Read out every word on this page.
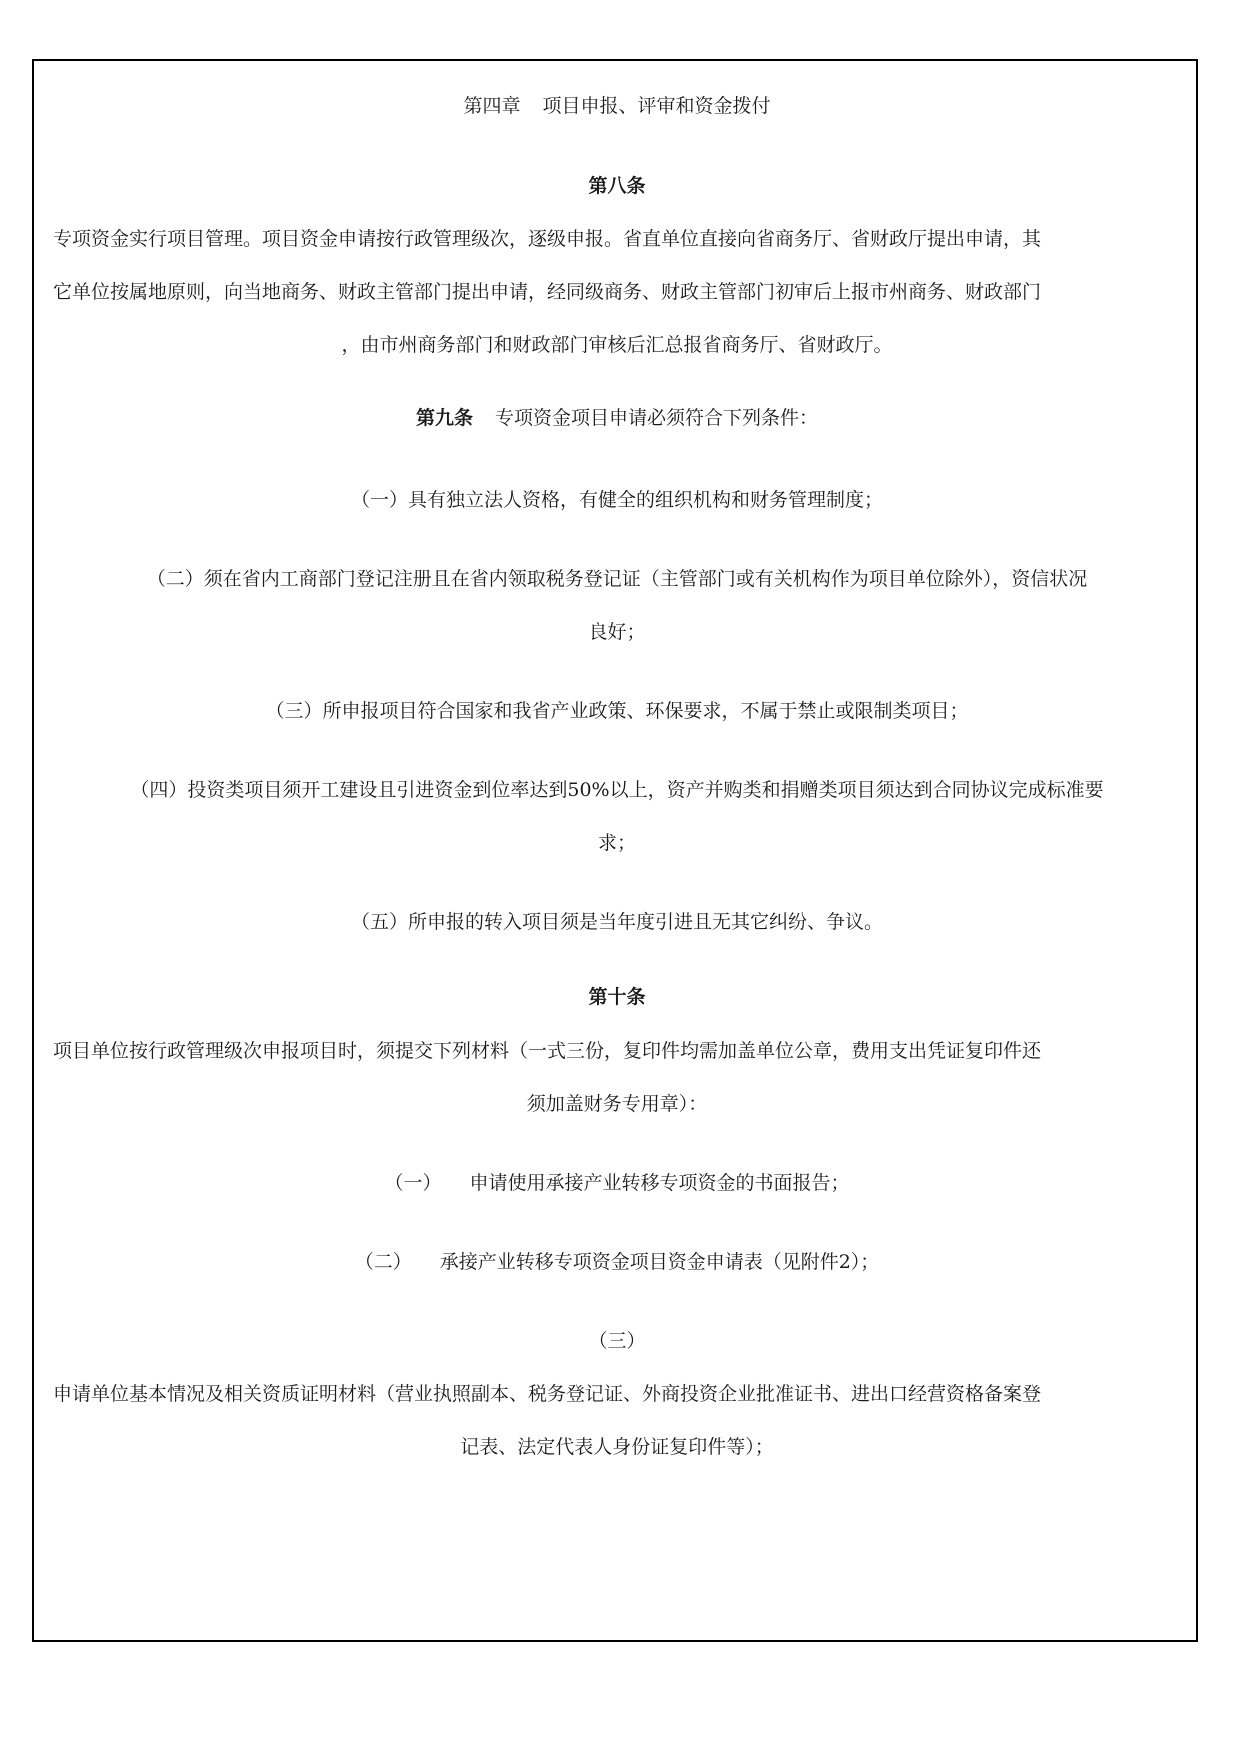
第四章 项目申报、评审和资金拨付

第八条

专项资金实行项目管理。项目资金申请按行政管理级次，逐级申报。省直单位直接向省商务厅、省财政厅提出申请，其

它单位按属地原则，向当地商务、财政主管部门提出申请，经同级商务、财政主管部门初审后上报市州商务、财政部门

，由市州商务部门和财政部门审核后汇总报省商务厅、省财政厅。

第九条 专项资金项目申请必须符合下列条件：

（一）具有独立法人资格，有健全的组织机构和财务管理制度；

（二）须在省内工商部门登记注册且在省内领取税务登记证（主管部门或有关机构作为项目单位除外），资信状况

良好；

（三）所申报项目符合国家和我省产业政策、环保要求，不属于禁止或限制类项目；

（四）投资类项目须开工建设且引进资金到位率达到50%以上，资产并购类和捐赠类项目须达到合同协议完成标准要

求；

（五）所申报的转入项目须是当年度引进且无其它纠纷、争议。

第十条

项目单位按行政管理级次申报项目时，须提交下列材料（一式三份，复印件均需加盖单位公章，费用支出凭证复印件还

须加盖财务专用章）：

（一） 申请使用承接产业转移专项资金的书面报告；

（二） 承接产业转移专项资金项目资金申请表（见附件2）；

（三）

申请单位基本情况及相关资质证明材料（营业执照副本、税务登记证、外商投资企业批准证书、进出口经营资格备案登

记表、法定代表人身份证复印件等）；
